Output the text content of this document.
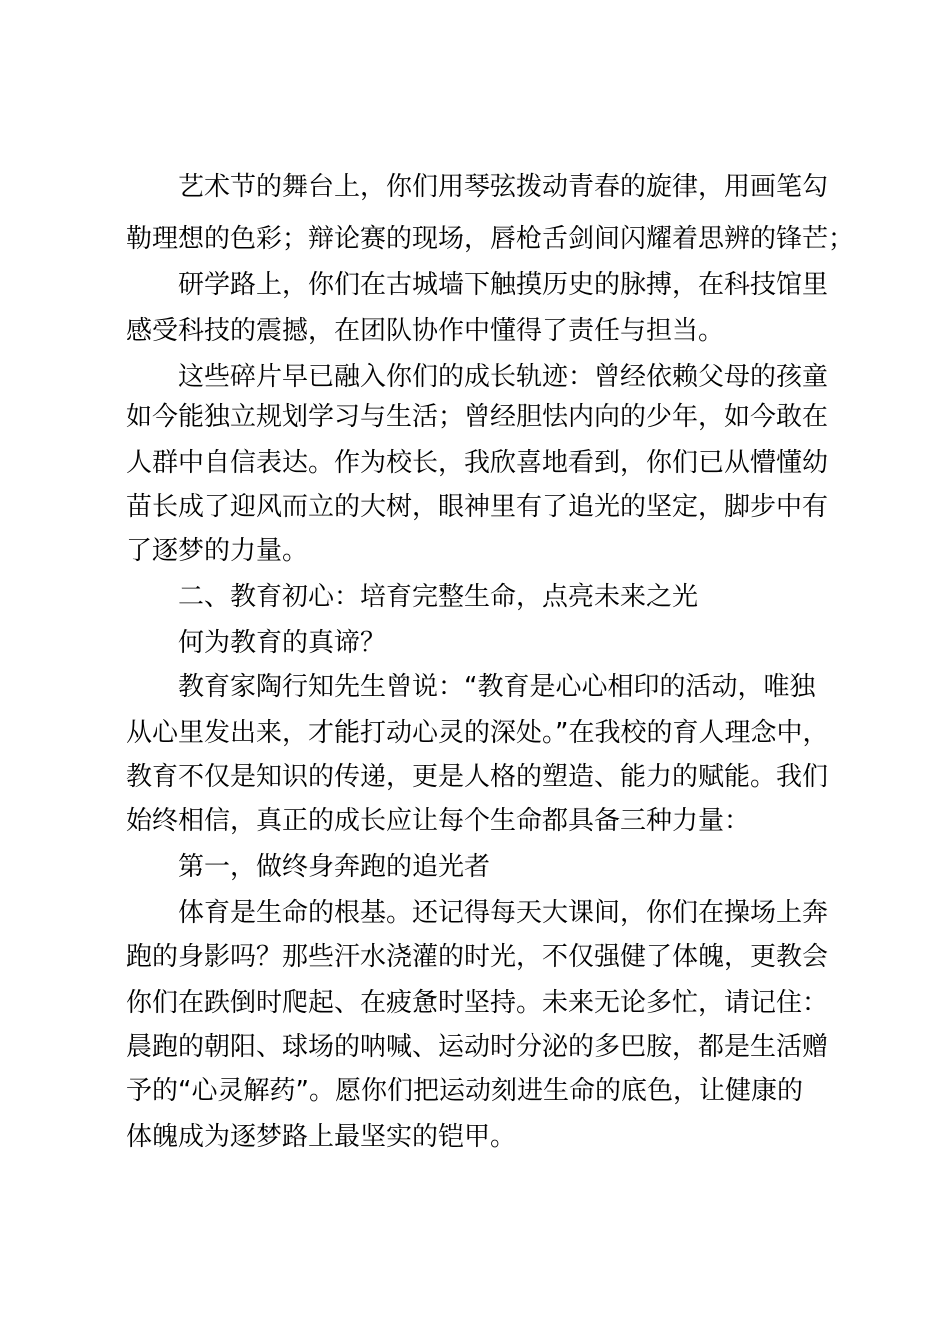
艺术节的舞台上，你们用琴弦拨动青春的旋律，用画笔勾
勒理想的色彩；辩论赛的现场，唇枪舌剑间闪耀着思辨的锋芒；
研学路上，你们在古城墙下触摸历史的脉搏，在科技馆里
感受科技的震撼，在团队协作中懂得了责任与担当。
这些碎片早已融入你们的成长轨迹：曾经依赖父母的孩童
如今能独立规划学习与生活；曾经胆怯内向的少年，如今敢在
人群中自信表达。作为校长，我欣喜地看到，你们已从懵懂幼
苗长成了迎风而立的大树，眼神里有了追光的坚定，脚步中有
了逐梦的力量。
二、教育初心：培育完整生命，点亮未来之光
何为教育的真谛？
教育家陶行知先生曾说：“教育是心心相印的活动，唯独
从心里发出来，才能打动心灵的深处。”在我校的育人理念中，
教育不仅是知识的传递，更是人格的塑造、能力的赋能。我们
始终相信，真正的成长应让每个生命都具备三种力量：
第一，做终身奔跑的追光者
体育是生命的根基。还记得每天大课间，你们在操场上奔
跑的身影吗？那些汗水浇灌的时光，不仅强健了体魄，更教会
你们在跌倒时爬起、在疲惫时坚持。未来无论多忙，请记住：
晨跑的朝阳、球场的呐喊、运动时分泌的多巴胺，都是生活赠
予的“心灵解药”。愿你们把运动刻进生命的底色，让健康的
体魄成为逐梦路上最坚实的铠甲。
